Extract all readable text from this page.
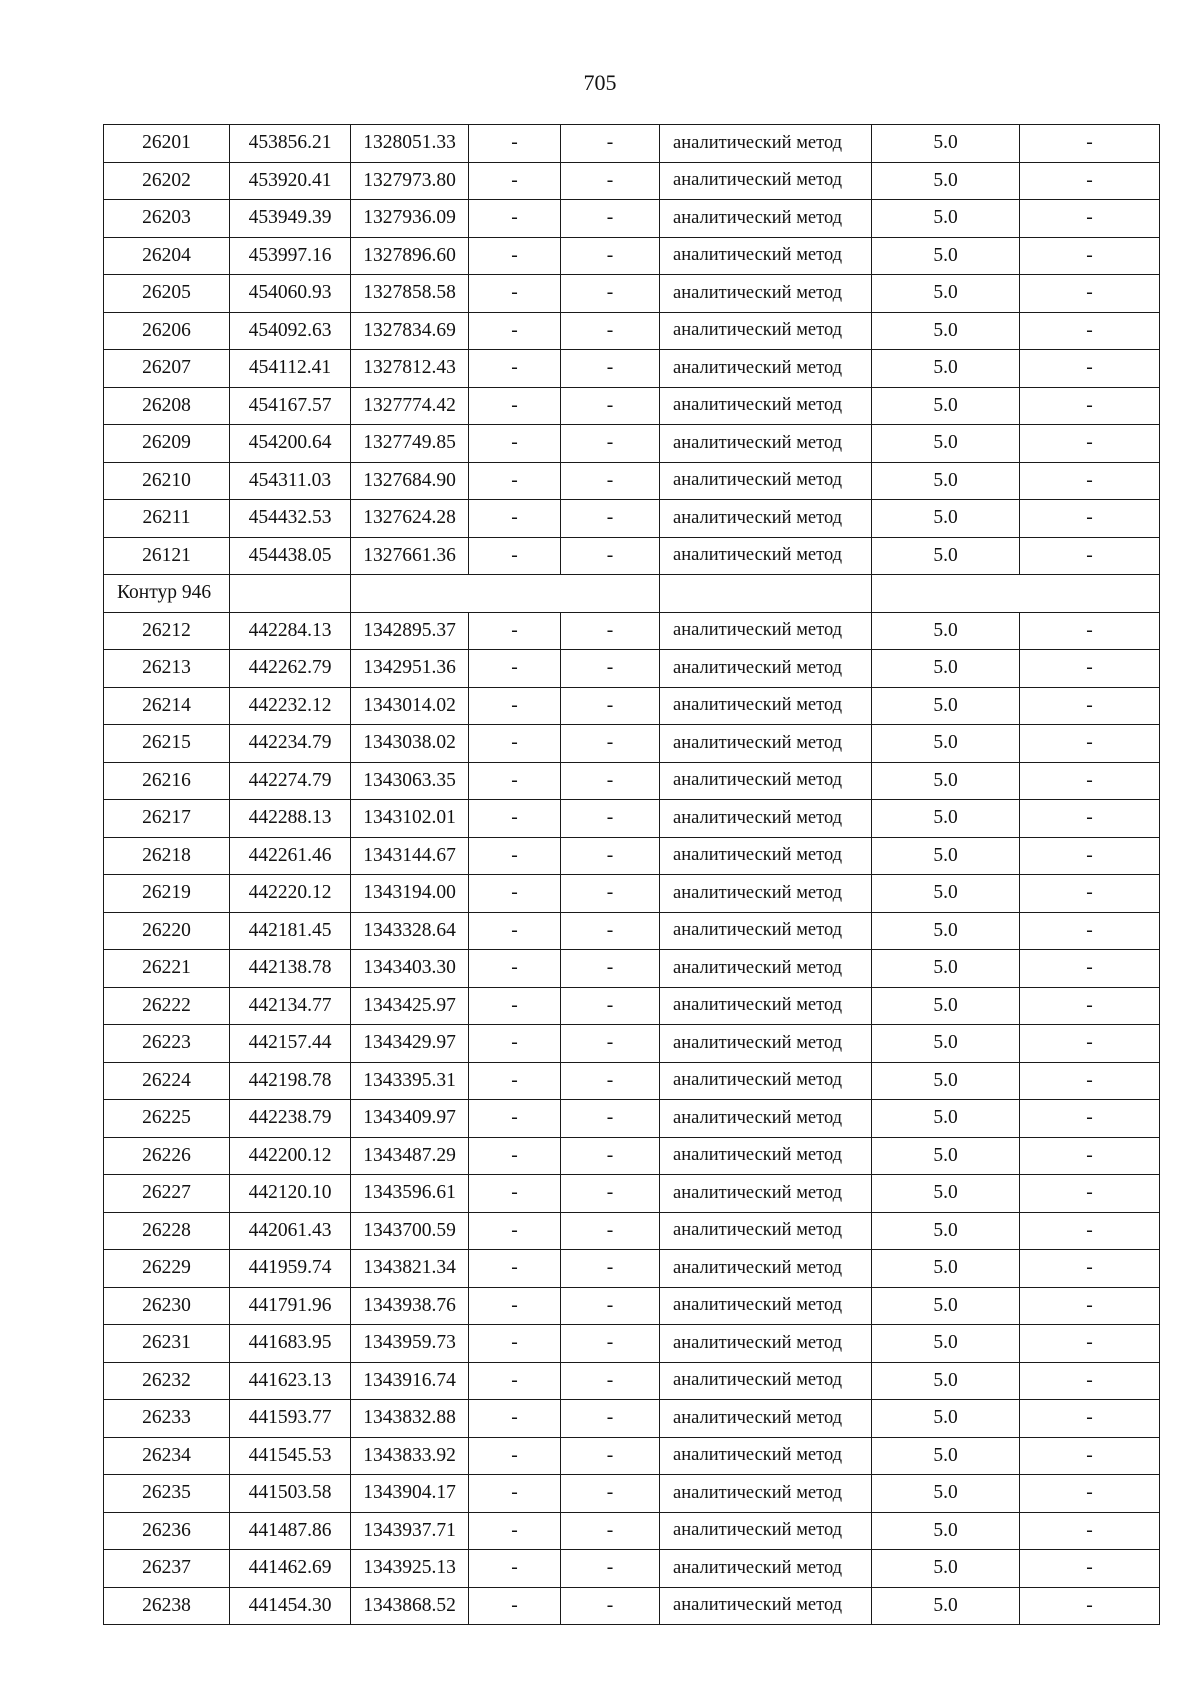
705
26201	453856.21	1328051.33	-	-	аналитический метод	5.0	-
26202	453920.41	1327973.80	-	-	аналитический метод	5.0	-
26203	453949.39	1327936.09	-	-	аналитический метод	5.0	-
26204	453997.16	1327896.60	-	-	аналитический метод	5.0	-
26205	454060.93	1327858.58	-	-	аналитический метод	5.0	-
26206	454092.63	1327834.69	-	-	аналитический метод	5.0	-
26207	454112.41	1327812.43	-	-	аналитический метод	5.0	-
26208	454167.57	1327774.42	-	-	аналитический метод	5.0	-
26209	454200.64	1327749.85	-	-	аналитический метод	5.0	-
26210	454311.03	1327684.90	-	-	аналитический метод	5.0	-
26211	454432.53	1327624.28	-	-	аналитический метод	5.0	-
26121	454438.05	1327661.36	-	-	аналитический метод	5.0	-
Контур 946							
26212	442284.13	1342895.37	-	-	аналитический метод	5.0	-
26213	442262.79	1342951.36	-	-	аналитический метод	5.0	-
26214	442232.12	1343014.02	-	-	аналитический метод	5.0	-
26215	442234.79	1343038.02	-	-	аналитический метод	5.0	-
26216	442274.79	1343063.35	-	-	аналитический метод	5.0	-
26217	442288.13	1343102.01	-	-	аналитический метод	5.0	-
26218	442261.46	1343144.67	-	-	аналитический метод	5.0	-
26219	442220.12	1343194.00	-	-	аналитический метод	5.0	-
26220	442181.45	1343328.64	-	-	аналитический метод	5.0	-
26221	442138.78	1343403.30	-	-	аналитический метод	5.0	-
26222	442134.77	1343425.97	-	-	аналитический метод	5.0	-
26223	442157.44	1343429.97	-	-	аналитический метод	5.0	-
26224	442198.78	1343395.31	-	-	аналитический метод	5.0	-
26225	442238.79	1343409.97	-	-	аналитический метод	5.0	-
26226	442200.12	1343487.29	-	-	аналитический метод	5.0	-
26227	442120.10	1343596.61	-	-	аналитический метод	5.0	-
26228	442061.43	1343700.59	-	-	аналитический метод	5.0	-
26229	441959.74	1343821.34	-	-	аналитический метод	5.0	-
26230	441791.96	1343938.76	-	-	аналитический метод	5.0	-
26231	441683.95	1343959.73	-	-	аналитический метод	5.0	-
26232	441623.13	1343916.74	-	-	аналитический метод	5.0	-
26233	441593.77	1343832.88	-	-	аналитический метод	5.0	-
26234	441545.53	1343833.92	-	-	аналитический метод	5.0	-
26235	441503.58	1343904.17	-	-	аналитический метод	5.0	-
26236	441487.86	1343937.71	-	-	аналитический метод	5.0	-
26237	441462.69	1343925.13	-	-	аналитический метод	5.0	-
26238	441454.30	1343868.52	-	-	аналитический метод	5.0	-
